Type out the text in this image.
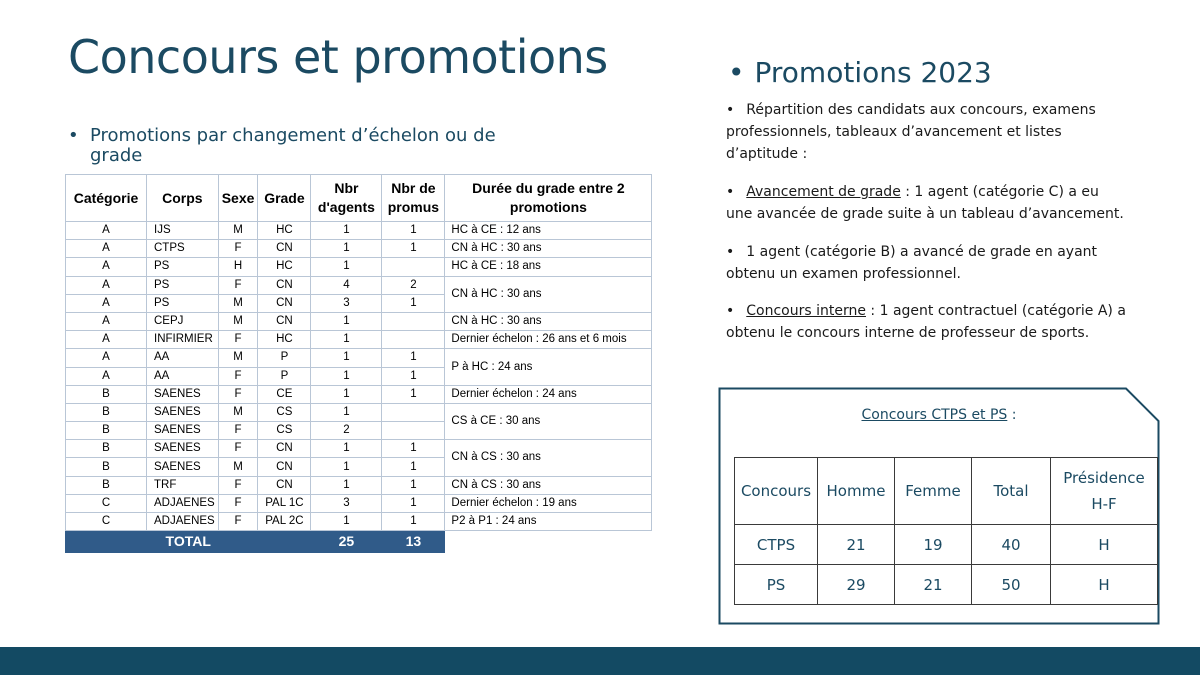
Concours et promotions
• Promotions par changement d’échelon ou de grade
Catégorie	Corps	Sexe	Grade	Nbr d'agents	Nbr de promus	Durée du grade entre 2 promotions
A	IJS	M	HC	1	1	HC à CE : 12 ans
A	CTPS	F	CN	1	1	CN à HC : 30 ans
A	PS	H	HC	1		HC à CE : 18 ans
A	PS	F	CN	4	2	CN à HC : 30 ans
A	PS	M	CN	3	1	
A	CEPJ	M	CN	1		CN à HC : 30 ans
A	INFIRMIER	F	HC	1		Dernier échelon : 26 ans et 6 mois
A	AA	M	P	1	1	P à HC : 24 ans
A	AA	F	P	1	1	
B	SAENES	F	CE	1	1	Dernier échelon : 24 ans
B	SAENES	M	CS	1		CS à CE : 30 ans
B	SAENES	F	CS	2		
B	SAENES	F	CN	1	1	CN à CS : 30 ans
B	SAENES	M	CN	1	1	
B	TRF	F	CN	1	1	CN à CS : 30 ans
C	ADJAENES	F	PAL 1C	3	1	Dernier échelon : 19 ans
C	ADJAENES	F	PAL 2C	1	1	P2 à P1 : 24 ans
TOTAL				25	13	
• Promotions 2023
• Répartition des candidats aux concours, examens professionnels, tableaux d’avancement et listes d’aptitude :
• Avancement de grade : 1 agent (catégorie C) a eu une avancée de grade suite à un tableau d’avancement.
• 1 agent (catégorie B) a avancé de grade en ayant obtenu un examen professionnel.
• Concours interne : 1 agent contractuel (catégorie A) a obtenu le concours interne de professeur de sports.
Concours CTPS et PS :
Concours	Homme	Femme	Total	Présidence
H-F
CTPS	21	19	40	H
PS	29	21	50	H
